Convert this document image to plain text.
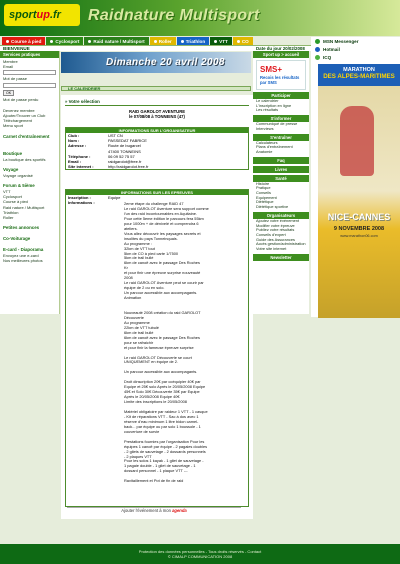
sportup.fr	Raidnature Multisport
Course à pied	Cyclosport	Raid nature / Multisport	Roller	Triathlon	VTT	CO
BIENVENUE	Date du jour 20/02/2008
Services pratiques
Membre
Email
Mot de passe
OK
Mot de passe perdu
Devenez membre
Ajouter/Trouver un Club
Téléchargement
Menu sport
Carnet d'entraînement
Boutique
La boutique des sportifs
Voyage
Voyage organisé
Forum & 5ième
VTT
Cyclosport
Course à pied
Raid nature / Multisport
Triathlon
Roller
Petites annonces
Co-Voiturage
E-card - Diaporama
Envoyez une e-card
Nos meilleures photos
Dimanche 20 avril 2008
LE CALENDRIER
» Votre sélection
RAID GAROLOT AVENTURE
le 07/08/08 à TONNEINS (47)
INFORMATIONS SUR L'ORGANISATEUR
Club :	UST CN
Nom :	PASSEDAT FABRICE
Adresse :	Route de bugarcel
47400 TONNEINS
Téléphone :	06 09 52 75 57
Email :	raidgarolot@free.fr
Site internet :	http://raidgarolot.free.fr
INFORMATIONS SUR LES EPREUVES
Inscription :	Equipe
Informations :	2eme étape du challenge RAID 47
Le raid GAROLOT Aventure sera support comme
l'un des raid incontournables en Aquitaine.
Pour cette 5eme édition le parcours fera 55km
pour 1000m + de dénivelé et comprendra 6
ateliers.
Vous allez découvrir les paysages secrets et
insolites du pays Tonneinquais.
Au programme :
32km de VTT tout
5km de CO à pied carte 1/7500
5km de trail bullé
6km de canoë avec le passage Des Roches
Kr
et pour finir une épreuve surprise nouveauté
2008
Le raid GAROLOT Aventure peut se courir par
équipe de 2 ou en solo.
Un parcour accessible aux accompagants.
Animation
Nouveauté 2008 création du raid GAROLOT
Découverte
Au programme
22km de VTT tubulé
6km de trail bullé
6km de canoë avec le passage Des Roches
pour se rafraichir
et pour finir la fameuse épreuve surprise
Le raid GAROLOT Découverte se court
UNIQUEMENT en équipe de 2.
Un parcour accessible aux accompagants.
Droit dinscription 20€ par coéquipier 40€ par
Equipe et 25€ solo Après le 20/05/2008 Equipe
45€ et Solo 30€ Découverte 35€ par Equipe
Après le 20/05/2008 Equipe 40€
Limite des inscriptions le 20/05/2008
Matériel obligatoire par raideur 1 VTT - 1 casque
- Kit de réparations VTT - Sac à dos avec 1
réserve d'eau minimum 1 litre bidon camel-
back... par équipe ou par solo 1 boussole - 1
couverture de survie
Prestations fournies par l'organisation Pour les
équipes 1 canoë par équipe - 2 pagaies doubles
- 2 gilets de sauvetage - 2 dossards personnels
- 2 plaques VTT
Pour les solos 1 kayak - 1 gilet de sauvetage -
1 pagaie double - 1 gilet de sauvetage - 1
dossard personnel - 1 plaque VTT ---
Ravitaillement et Pot de fin de raid
Ajouter l'événement à mon agenda
Sport up > accueil
SMS+
Recois les résultats par SMS
Participer
Le calendrier
L'inscription en ligne
Les résultats
S'informer
Communiqué de presse
Interviews
S'entraîner
Calculateurs
Plans d'entraînement
Anatomie
Faq
Livres
Santé
Histoire
Pratique
Conseils
Equipement
Diététique
Diététique sportive
Organisateurs
Ajoutez votre événement
Modifier votre épreuve
Publiez votre résultats
Conseils d'expert
Guide des Assurances
Accès gestion/administration
Votre site internet
Newsletter
MSN Messenger
Hotmail
ICQ
MARATHON
DES ALPES-MARITIMES
NICE-CANNES
9 NOVEMBRE 2008
www.marathon06.com
Protection des données personnelles - Tous droits réservés - Contact
© CIMALP COMMUNICATION 2008
